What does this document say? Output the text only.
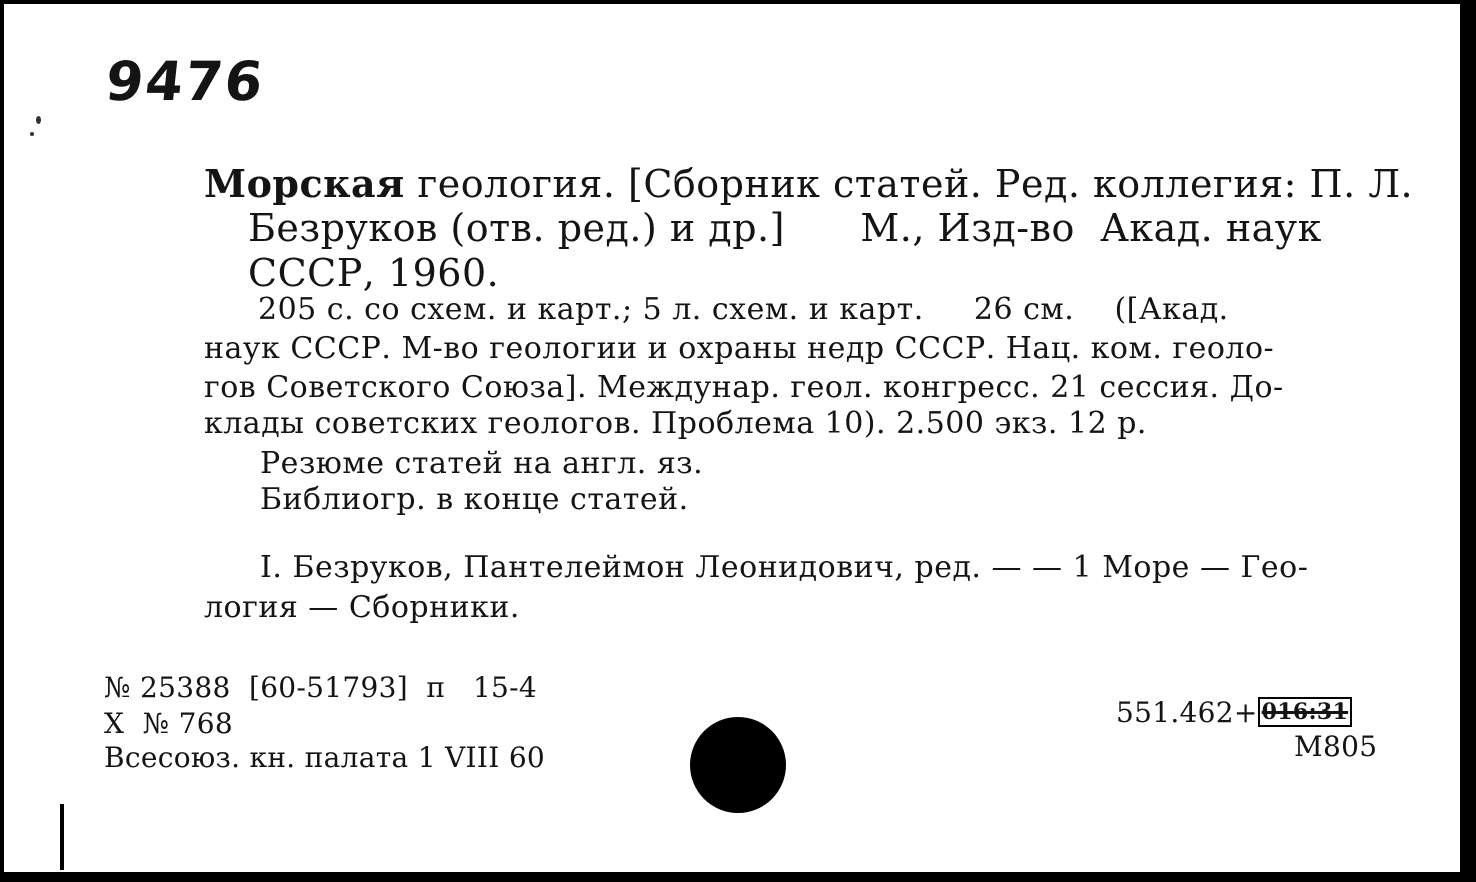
9476
Морская геология. [Сборник статей. Ред. коллегия: П. Л.
Безруков (отв. ред.) и др.]      М., Изд-во  Акад. наук
СССР, 1960.
205 с. со схем. и карт.; 5 л. схем. и карт.     26 см.    ([Акад.
наук СССР. М-во геологии и охраны недр СССР. Нац. ком. геоло-
гов Советского Союза]. Междунар. геол. конгресс. 21 сессия. До-
клады советских геологов. Проблема 10). 2.500 экз. 12 р.
Резюме статей на англ. яз.
Библиогр. в конце статей.
I. Безруков, Пантелеймон Леонидович, ред. — — 1 Море — Гео-
логия — Сборники.
№ 25388  [60-51793]  п   15-4
Х  № 768
Всесоюз. кн. палата 1 VIII 60
551.462+ 016:31
M805
